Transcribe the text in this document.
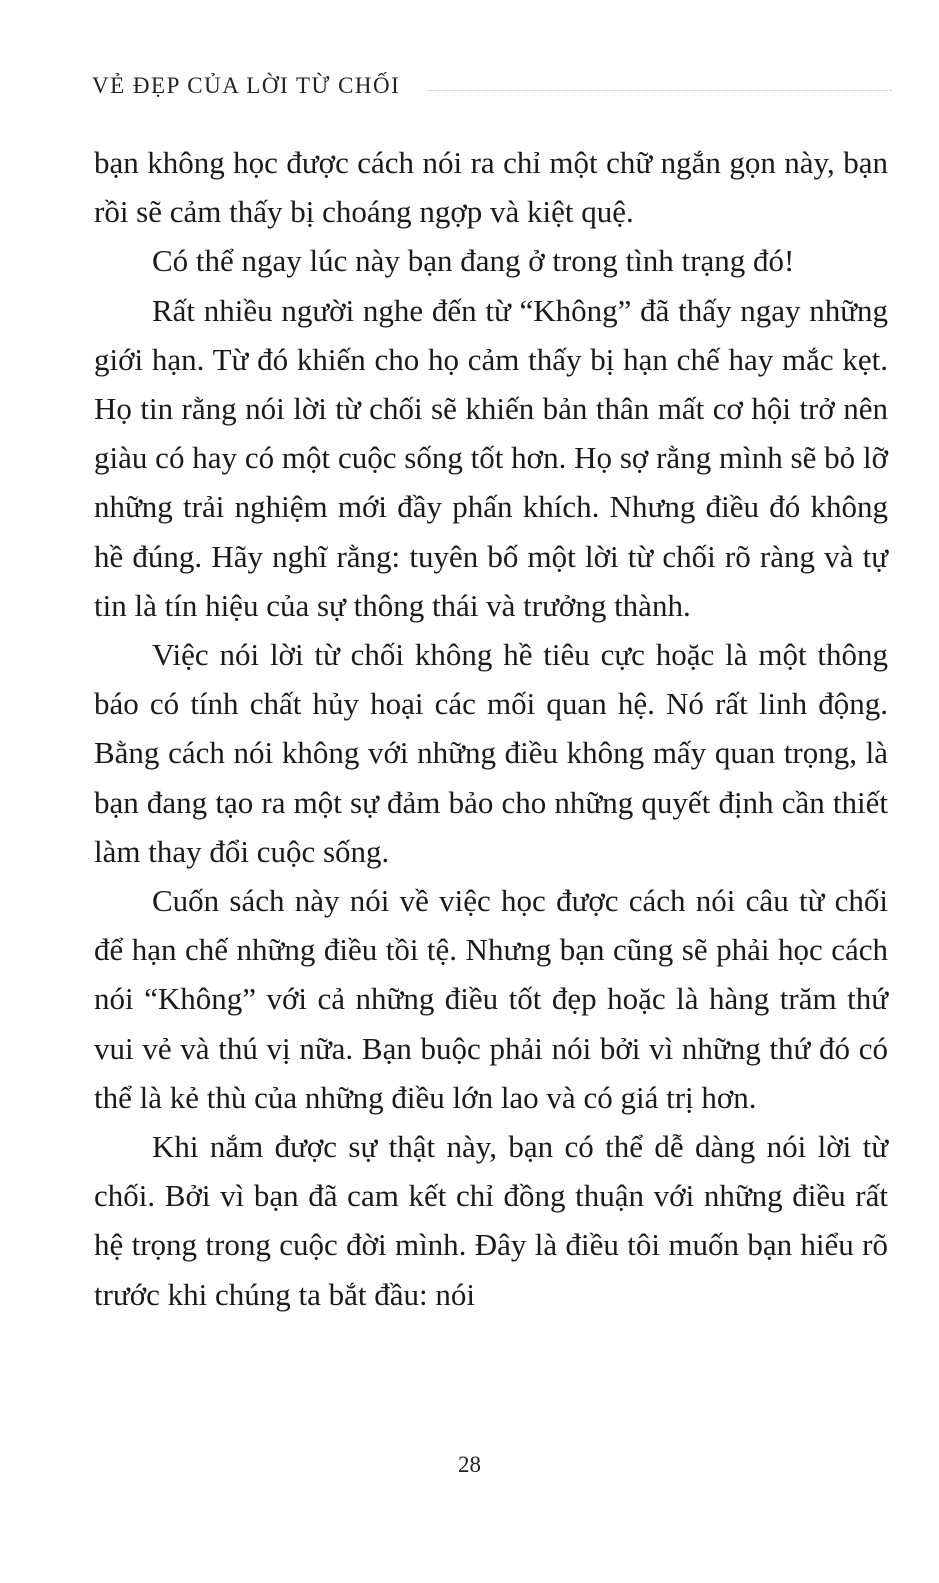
VẺ ĐẸP CỦA LỜI TỪ CHỐI

bạn không học được cách nói ra chỉ một chữ ngắn gọn này, bạn rồi sẽ cảm thấy bị choáng ngợp và kiệt quệ.

Có thể ngay lúc này bạn đang ở trong tình trạng đó!

Rất nhiều người nghe đến từ “Không” đã thấy ngay những giới hạn. Từ đó khiến cho họ cảm thấy bị hạn chế hay mắc kẹt. Họ tin rằng nói lời từ chối sẽ khiến bản thân mất cơ hội trở nên giàu có hay có một cuộc sống tốt hơn. Họ sợ rằng mình sẽ bỏ lỡ những trải nghiệm mới đầy phấn khích. Nhưng điều đó không hề đúng. Hãy nghĩ rằng: tuyên bố một lời từ chối rõ ràng và tự tin là tín hiệu của sự thông thái và trưởng thành.

Việc nói lời từ chối không hề tiêu cực hoặc là một thông báo có tính chất hủy hoại các mối quan hệ. Nó rất linh động. Bằng cách nói không với những điều không mấy quan trọng, là bạn đang tạo ra một sự đảm bảo cho những quyết định cần thiết làm thay đổi cuộc sống.

Cuốn sách này nói về việc học được cách nói câu từ chối để hạn chế những điều tồi tệ. Nhưng bạn cũng sẽ phải học cách nói “Không” với cả những điều tốt đẹp hoặc là hàng trăm thứ vui vẻ và thú vị nữa. Bạn buộc phải nói bởi vì những thứ đó có thể là kẻ thù của những điều lớn lao và có giá trị hơn.

Khi nắm được sự thật này, bạn có thể dễ dàng nói lời từ chối. Bởi vì bạn đã cam kết chỉ đồng thuận với những điều rất hệ trọng trong cuộc đời mình. Đây là điều tôi muốn bạn hiểu rõ trước khi chúng ta bắt đầu: nói

28
